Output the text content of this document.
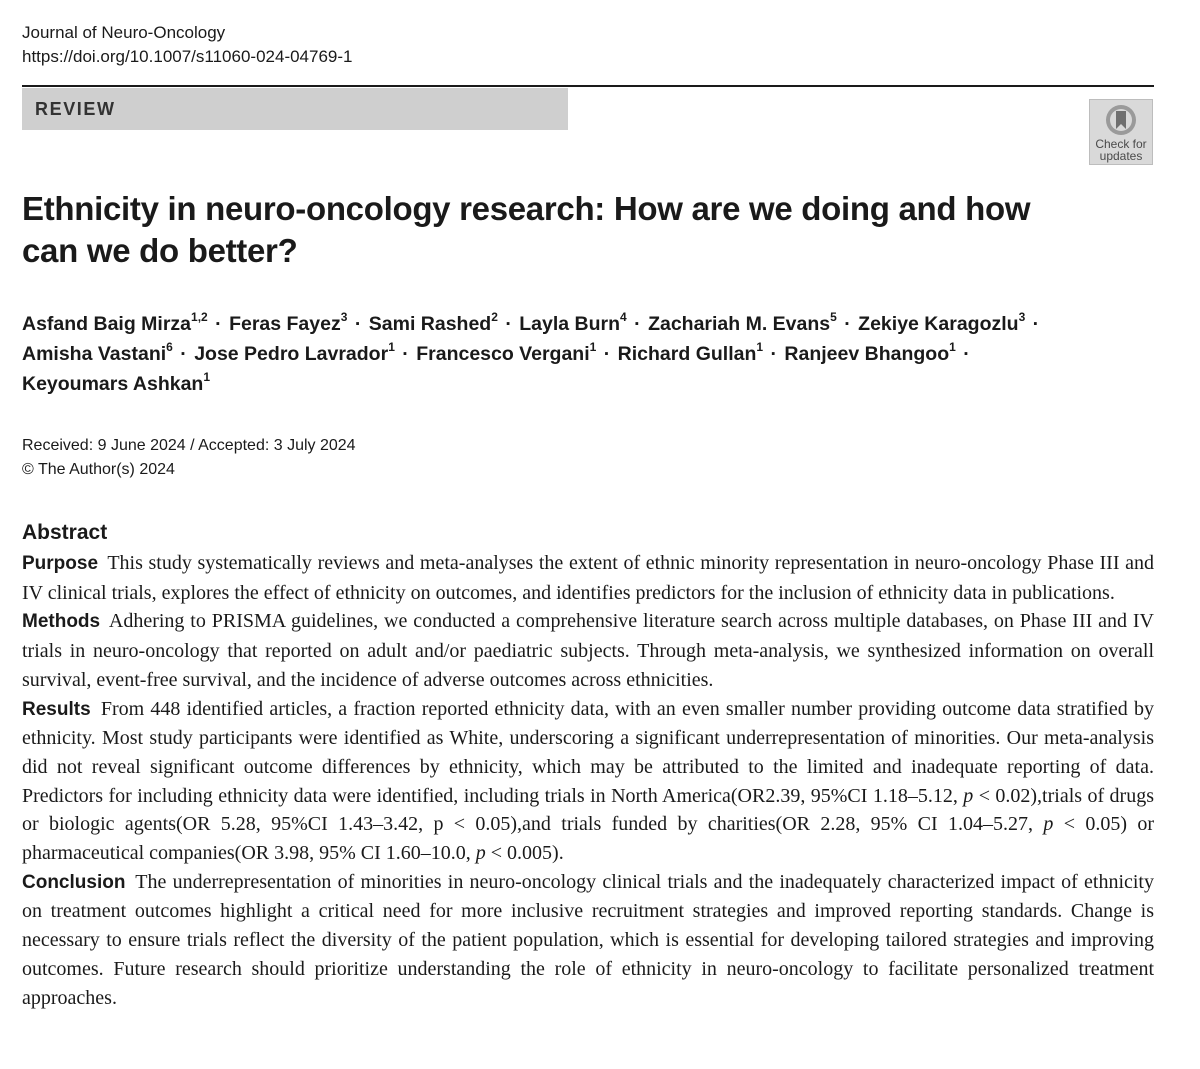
Journal of Neuro-Oncology
https://doi.org/10.1007/s11060-024-04769-1
REVIEW
Check for
updates
Ethnicity in neuro-oncology research: How are we doing and how can we do better?
Asfand Baig Mirza$^{1,2}$ · Feras Fayez$^3$ · Sami Rashed$^2$ · Layla Burn$^4$ · Zachariah M. Evans$^5$ · Zekiye Karagozlu$^3$ ·
Amisha Vastani$^6$ · Jose Pedro Lavrador$^1$ · Francesco Vergani$^1$ · Richard Gullan$^1$ · Ranjeev Bhangoo$^1$ ·
Keyoumars Ashkan$^1$
Received: 9 June 2024 / Accepted: 3 July 2024
© The Author(s) 2024
Abstract

Purpose This study systematically reviews and meta-analyses the extent of ethnic minority representation in neuro-oncology Phase III and IV clinical trials, explores the effect of ethnicity on outcomes, and identifies predictors for the inclusion of ethnicity data in publications.

Methods Adhering to PRISMA guidelines, we conducted a comprehensive literature search across multiple databases, on Phase III and IV trials in neuro-oncology that reported on adult and/or paediatric subjects. Through meta-analysis, we synthesized information on overall survival, event-free survival, and the incidence of adverse outcomes across ethnicities.

Results From 448 identified articles, a fraction reported ethnicity data, with an even smaller number providing outcome data stratified by ethnicity. Most study participants were identified as White, underscoring a significant underrepresentation of minorities. Our meta-analysis did not reveal significant outcome differences by ethnicity, which may be attributed to the limited and inadequate reporting of data. Predictors for including ethnicity data were identified, including trials in North America(OR2.39, 95%CI 1.18–5.12, p < 0.02),trials of drugs or biologic agents(OR 5.28, 95%CI 1.43–3.42, p < 0.05),and trials funded by charities(OR 2.28, 95% CI 1.04–5.27, p < 0.05) or pharmaceutical companies(OR 3.98, 95% CI 1.60–10.0, p < 0.005).

Conclusion The underrepresentation of minorities in neuro-oncology clinical trials and the inadequately characterized impact of ethnicity on treatment outcomes highlight a critical need for more inclusive recruitment strategies and improved reporting standards. Change is necessary to ensure trials reflect the diversity of the patient population, which is essential for developing tailored strategies and improving outcomes. Future research should prioritize understanding the role of ethnicity in neuro-oncology to facilitate personalized treatment approaches.
